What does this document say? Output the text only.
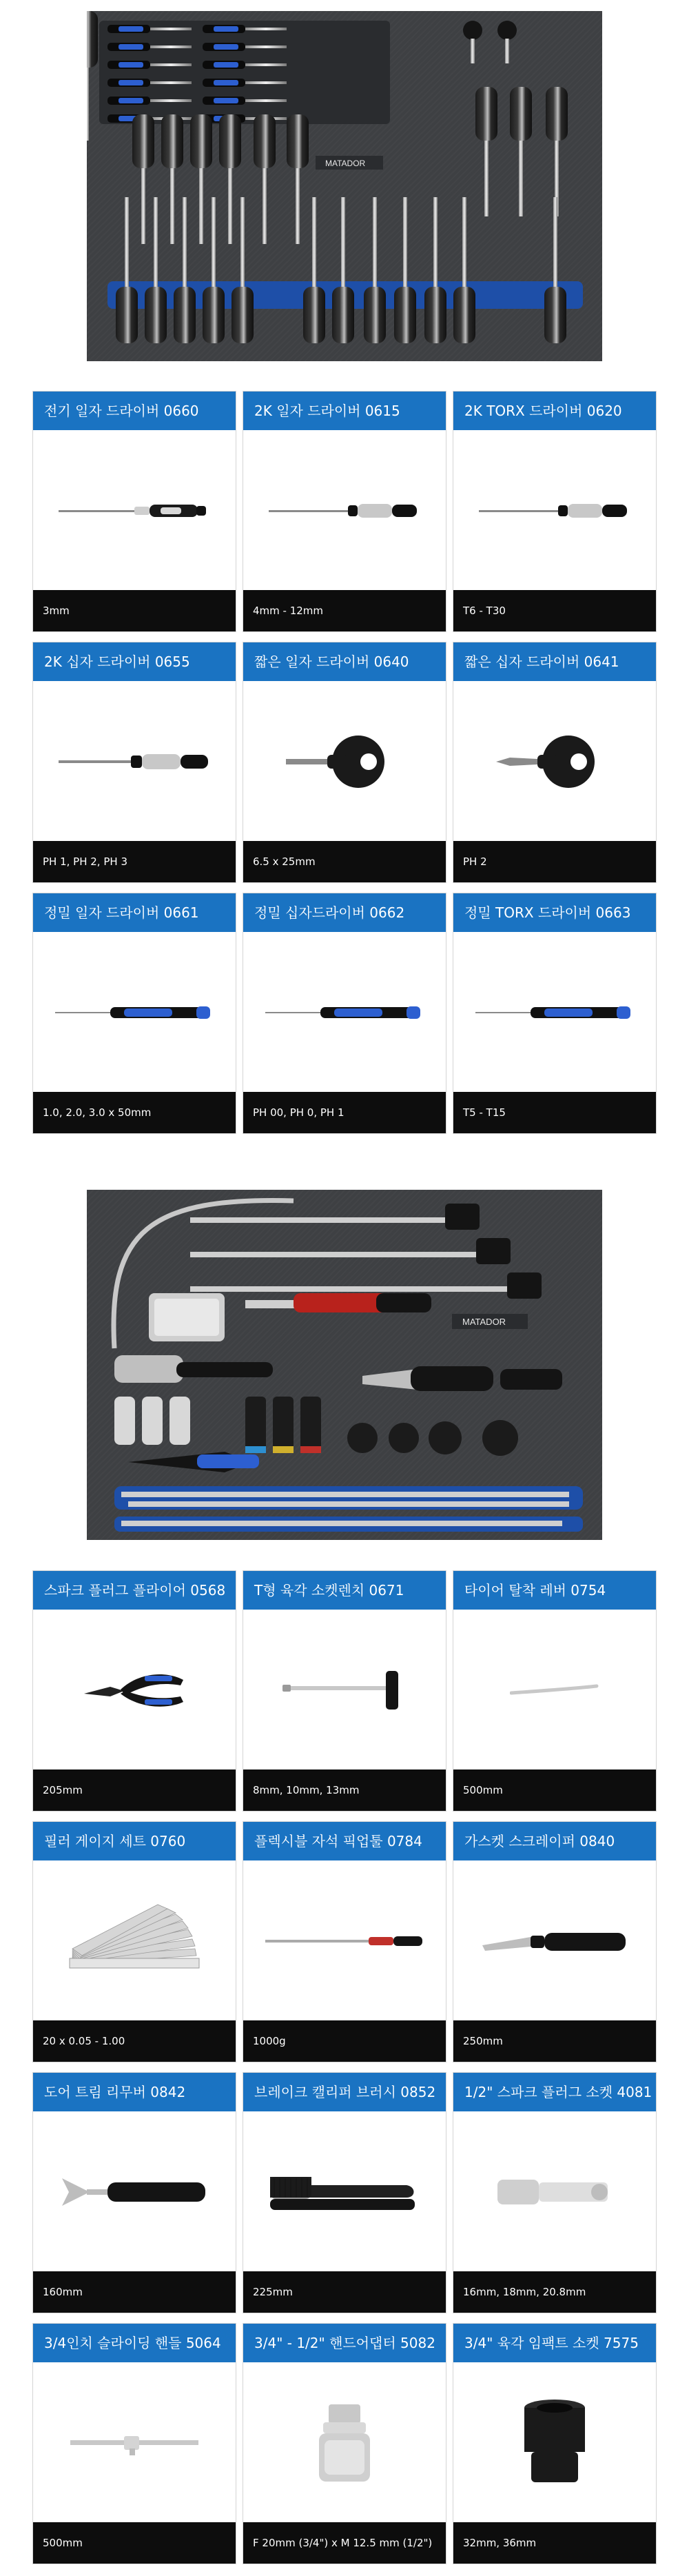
MATADOR
전기 일자 드라이버 0660
3mm
2K 일자 드라이버 0615
4mm - 12mm
2K TORX 드라이버 0620
T6 - T30
2K 십자 드라이버 0655
PH 1, PH 2, PH 3
짧은 일자 드라이버 0640
6.5 x 25mm
짧은 십자 드라이버 0641
PH 2
정밀 일자 드라이버 0661
1.0, 2.0, 3.0 x 50mm
정밀 십자드라이버 0662
PH 00, PH 0, PH 1
정밀 TORX 드라이버 0663
T5 - T15
MATADOR
스파크 플러그 플라이어 0568
205mm
T형 육각 소켓렌치 0671
8mm, 10mm, 13mm
타이어 탈착 레버 0754
500mm
필러 게이지 세트 0760
20 x 0.05 - 1.00
플렉시블 자석 픽업툴 0784
1000g
가스켓 스크레이퍼 0840
250mm
도어 트림 리무버 0842
160mm
브레이크 캘리퍼 브러시 0852
225mm
1/2" 스파크 플러그 소켓 4081
16mm, 18mm, 20.8mm
3/4인치 슬라이딩 핸들 5064
500mm
3/4" - 1/2" 핸드어댑터 5082
F 20mm (3/4") x M 12.5 mm (1/2")
3/4" 육각 임팩트 소켓 7575
32mm, 36mm
